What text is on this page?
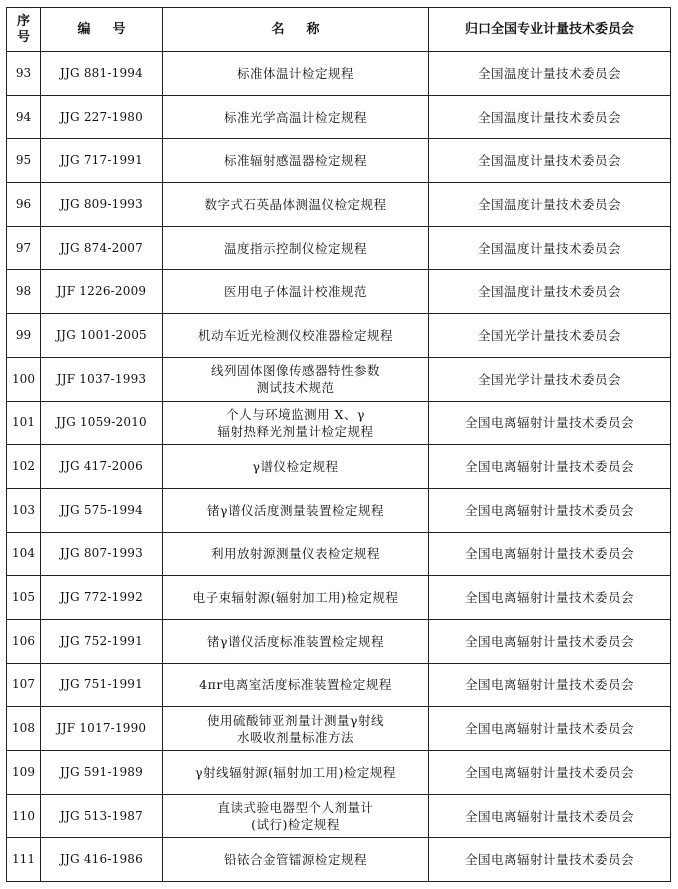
序
号	编号	名称	归口全国专业计量技术委员会
93	JJG 881-1994	标准体温计检定规程	全国温度计量技术委员会
94	JJG 227-1980	标准光学高温计检定规程	全国温度计量技术委员会
95	JJG 717-1991	标准辐射感温器检定规程	全国温度计量技术委员会
96	JJG 809-1993	数字式石英晶体测温仪检定规程	全国温度计量技术委员会
97	JJG 874-2007	温度指示控制仪检定规程	全国温度计量技术委员会
98	JJF 1226-2009	医用电子体温计校准规范	全国温度计量技术委员会
99	JJG 1001-2005	机动车近光检测仪校准器检定规程	全国光学计量技术委员会
100	JJF 1037-1993	线列固体图像传感器特性参数
测试技术规范	全国光学计量技术委员会
101	JJG 1059-2010	个人与环境监测用 X、γ
辐射热释光剂量计检定规程	全国电离辐射计量技术委员会
102	JJG 417-2006	γ谱仪检定规程	全国电离辐射计量技术委员会
103	JJG 575-1994	锗γ谱仪活度测量装置检定规程	全国电离辐射计量技术委员会
104	JJG 807-1993	利用放射源测量仪表检定规程	全国电离辐射计量技术委员会
105	JJG 772-1992	电子束辐射源(辐射加工用)检定规程	全国电离辐射计量技术委员会
106	JJG 752-1991	锗γ谱仪活度标准装置检定规程	全国电离辐射计量技术委员会
107	JJG 751-1991	4πr电离室活度标准装置检定规程	全国电离辐射计量技术委员会
108	JJF 1017-1990	使用硫酸铈亚剂量计测量γ射线
水吸收剂量标准方法	全国电离辐射计量技术委员会
109	JJG 591-1989	γ射线辐射源(辐射加工用)检定规程	全国电离辐射计量技术委员会
110	JJG 513-1987	直读式验电器型个人剂量计
(试行)检定规程	全国电离辐射计量技术委员会
111	JJG 416-1986	铅铱合金管镭源检定规程	全国电离辐射计量技术委员会
